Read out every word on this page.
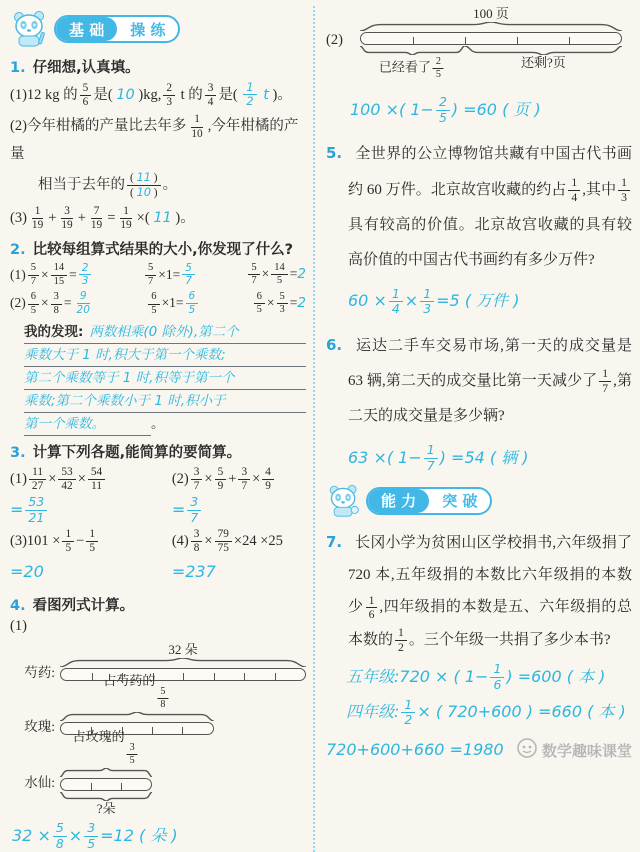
基 础	操 练
1. 仔细想,认真填。
(1)12 kg 的 $\frac{5}{6}$ 是( 10 )kg, $\frac{2}{3}$ t 的 $\frac{3}{4}$ 是( $\frac{1}{2}$ t )。
(2)今年柑橘的产量比去年多 $\frac{1}{10}$ ,今年柑橘的产量
相当于去年的 $\frac{( 11 )}{( 10 )}$ 。
$(3) \frac{1}{19} + \frac{3}{19} + \frac{7}{19} = \frac{1}{19}$ ×( 11 )。
2. 比较每组算式结果的大小,你发现了什么?
$(1) \frac{5}{7} \times \frac{14}{15} = \frac{2}{3}$	$\frac{5}{7} \times 1= \frac{5}{7}$	$\frac{5}{7} \times \frac{14}{5} =2$
$(2) \frac{6}{5} \times \frac{3}{8} = \frac{9}{20}$	$\frac{6}{5} \times 1= \frac{6}{5}$	$\frac{6}{5} \times \frac{5}{3} =2$
我的发现: 两数相乘(0 除外),第二个
乘数大于 1 时,积大于第一个乘数;
第二个乘数等于 1 时,积等于第一个
乘数;第二个乘数小于 1 时,积小于
第一个乘数。	。
3. 计算下列各题,能简算的要简算。
$(1) \frac{11}{27} \times \frac{53}{42} \times \frac{54}{11}$	$(2) \frac{3}{7} \times \frac{5}{9} + \frac{3}{7} \times \frac{4}{9}$
= $\frac{53}{21}$	= $\frac{3}{7}$
$(3)101 \times \frac{1}{5} - \frac{1}{5}$	$(4) \frac{3}{8} \times \frac{79}{75} \times 24 \times 25$
=20	=237
4. 看图列式计算。
(1)
芍药:
32 朵
玫瑰:
占芍药的
$\frac{5}{8}$
水仙:
占玫瑰的
$\frac{3}{5}$
?朵
$32 \times \frac{5}{8} \times \frac{3}{5} =12$ ( 朵 )
(2)
100 页
已经看了 $\frac{2}{5}$	还剩?页
100 ×( $1- \frac{2}{5}$ ) =60 ( 页 )
5. 全世界的公立博物馆共藏有中国古代书画约 60 万件。北京故宫收藏的约占 $\frac{1}{4}$ ,其中 $\frac{1}{3}$
具有较高的价值。北京故宫收藏的具有较高价值的中国古代书画约有多少万件?
$60 \times \frac{1}{4} \times \frac{1}{3} =5$ ( 万件 )
6. 运达二手车交易市场,第一天的成交量是 63 辆,第二天的成交量比第一天减少了 $\frac{1}{7}$ ,第二天的成交量是多少辆?
63 ×( $1- \frac{1}{7}$ ) =54 ( 辆 )
能 力	突 破
7. 长冈小学为贫困山区学校捐书,六年级捐了 720 本,五年级捐的本数比六年级捐的本数少 $\frac{1}{6}$ ,四年级捐的本数是五、六年级捐的总本数的 $\frac{1}{2}$ 。三个年级一共捐了多少本书?
五年级:720 × ( $1- \frac{1}{6}$ ) =600 ( 本 )
四年级: $\frac{1}{2}$ × ( 720+600 ) =660 ( 本 )
720+600+660 =1980	数学趣味课堂
